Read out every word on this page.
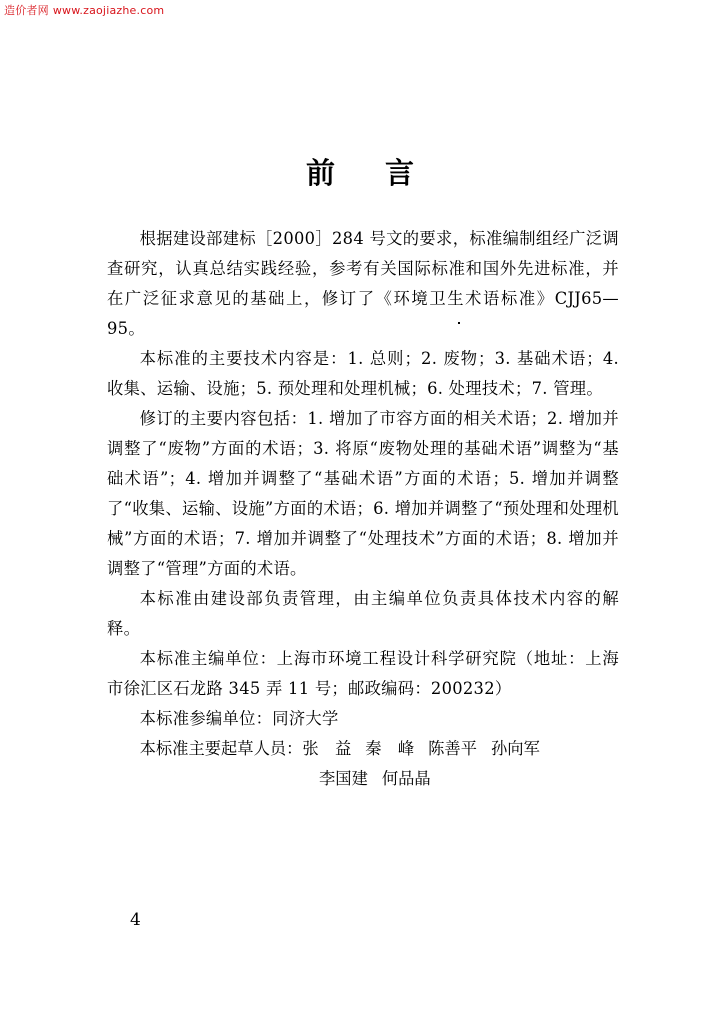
造价者网 www.zaojiazhe.com
前言

根据建设部建标［2000］284 号文的要求，标准编制组经广泛调查研究，认真总结实践经验，参考有关国际标准和国外先进标准，并在广泛征求意见的基础上，修订了《环境卫生术语标准》CJJ65—95。

本标准的主要技术内容是：1. 总则；2. 废物；3. 基础术语；4. 收集、运输、设施；5. 预处理和处理机械；6. 处理技术；7. 管理。

修订的主要内容包括：1. 增加了市容方面的相关术语；2. 增加并调整了“废物”方面的术语；3. 将原“废物处理的基础术语”调整为“基础术语”；4. 增加并调整了“基础术语”方面的术语；5. 增加并调整了“收集、运输、设施”方面的术语；6. 增加并调整了“预处理和处理机械”方面的术语；7. 增加并调整了“处理技术”方面的术语；8. 增加并调整了“管理”方面的术语。

本标准由建设部负责管理，由主编单位负责具体技术内容的解释。

本标准主编单位：上海市环境工程设计科学研究院（地址：上海市徐汇区石龙路 345 弄 11 号；邮政编码：200232）

本标准参编单位：同济大学

本标准主要起草人员：张　益 秦　峰 陈善平 孙向军

李国建 何品晶

4
